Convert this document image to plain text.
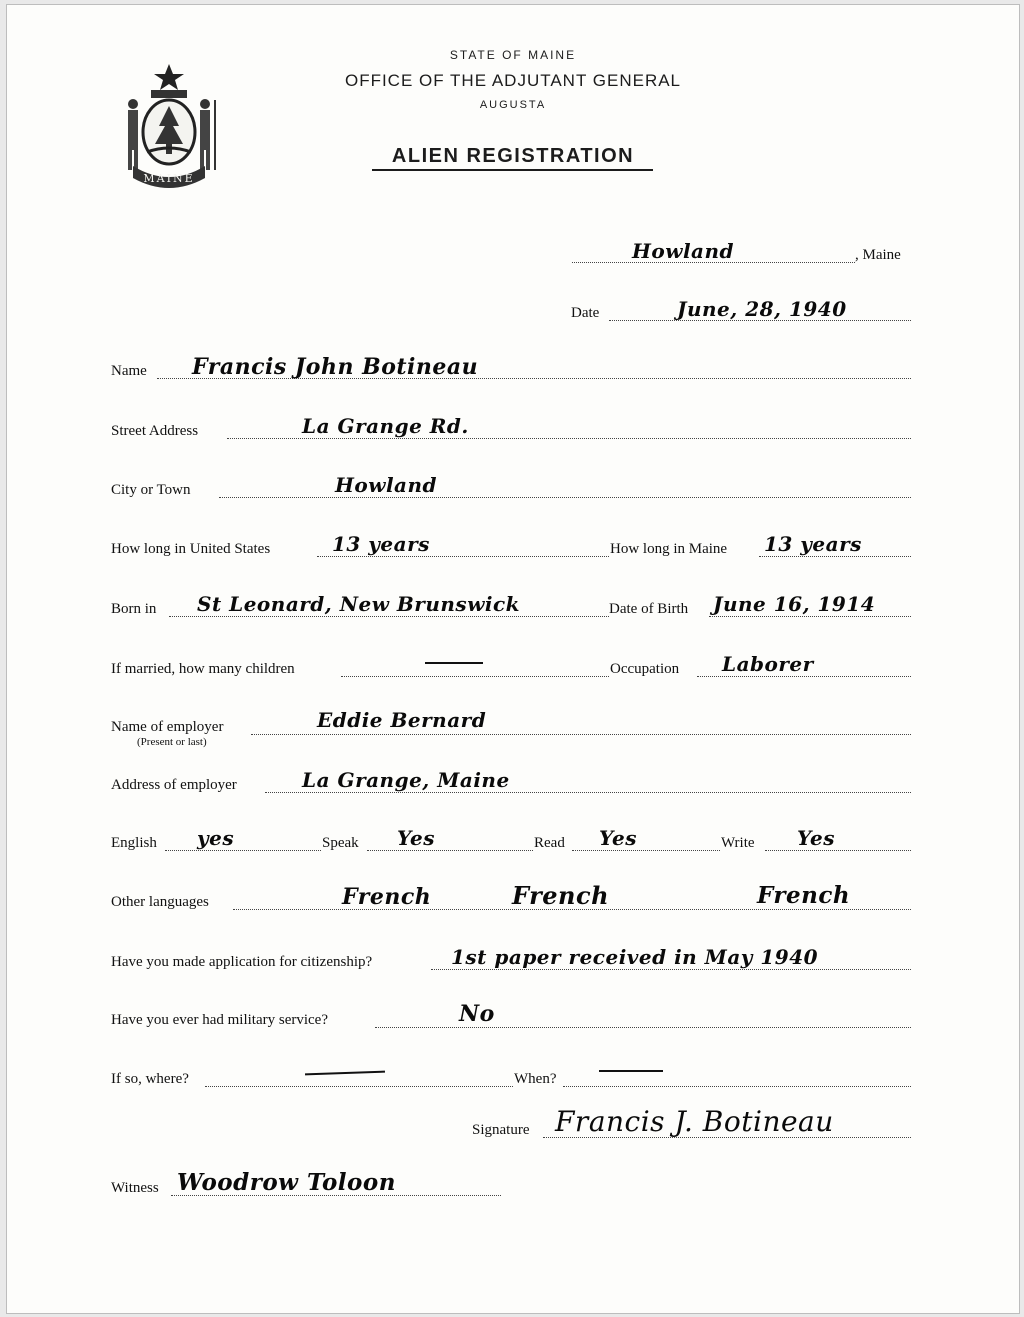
MAINE
STATE OF MAINE
OFFICE OF THE ADJUTANT GENERAL
AUGUSTA
ALIEN REGISTRATION
, Maine
Howland
Date	June, 28, 1940
Name Francis John Botineau
Street Address	La Grange Rd.
City or Town	Howland
How long in United States	13 years	How long in Maine 13 years
Born in St Leonard, New Brunswick	Date of Birth June 16, 1914
If married, how many children	Occupation Laborer
Name of employer
(Present or last)
Eddie Bernard
Address of employer	La Grange, Maine
English yes	Speak Yes	Read Yes	Write Yes
Other languages	French	French	French
Have you made application for citizenship?	1st paper received in May 1940
Have you ever had military service?	No
If so, where?	When?
Signature Francis J. Botineau
Witness Woodrow Toloon
